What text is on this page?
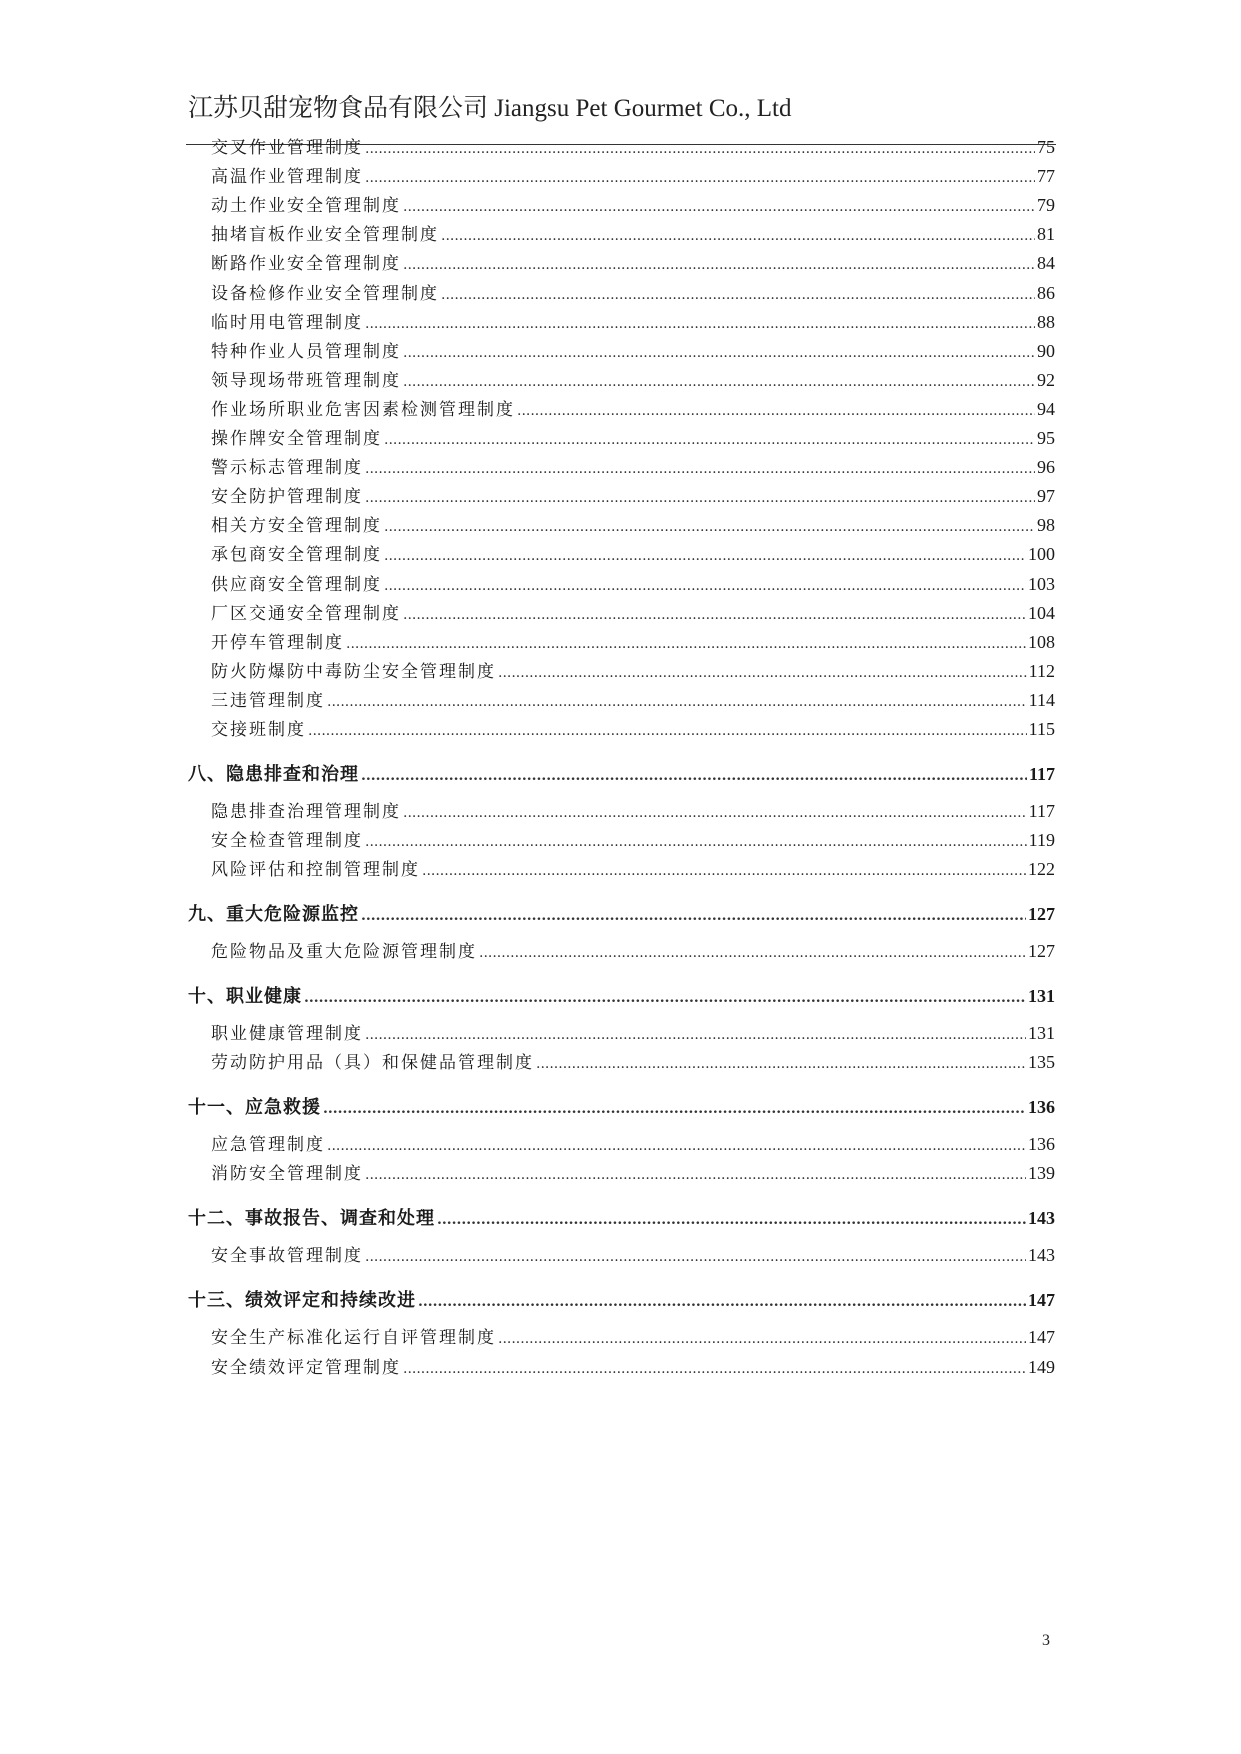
江苏贝甜宠物食品有限公司 Jiangsu Pet Gourmet Co., Ltd
交叉作业管理制度 .....	75
高温作业管理制度 .....	77
动土作业安全管理制度 .....	79
抽堵盲板作业安全管理制度 .....	81
断路作业安全管理制度 .....	84
设备检修作业安全管理制度 .....	86
临时用电管理制度 .....	88
特种作业人员管理制度 .....	90
领导现场带班管理制度 .....	92
作业场所职业危害因素检测管理制度 .....	94
操作牌安全管理制度 .....	95
警示标志管理制度 .....	96
安全防护管理制度 .....	97
相关方安全管理制度 .....	98
承包商安全管理制度 .....	100
供应商安全管理制度 .....	103
厂区交通安全管理制度 .....	104
开停车管理制度 .....	108
防火防爆防中毒防尘安全管理制度 .....	112
三违管理制度 .....	114
交接班制度 .....	115
八、隐患排查和治理 .....	117
隐患排查治理管理制度 .....	117
安全检查管理制度 .....	119
风险评估和控制管理制度 .....	122
九、重大危险源监控 .....	127
危险物品及重大危险源管理制度 .....	127
十、职业健康 .....	131
职业健康管理制度 .....	131
劳动防护用品（具）和保健品管理制度 .....	135
十一、应急救援 .....	136
应急管理制度 .....	136
消防安全管理制度 .....	139
十二、事故报告、调查和处理 .....	143
安全事故管理制度 .....	143
十三、绩效评定和持续改进 .....	147
安全生产标准化运行自评管理制度 .....	147
安全绩效评定管理制度 .....	149
3
